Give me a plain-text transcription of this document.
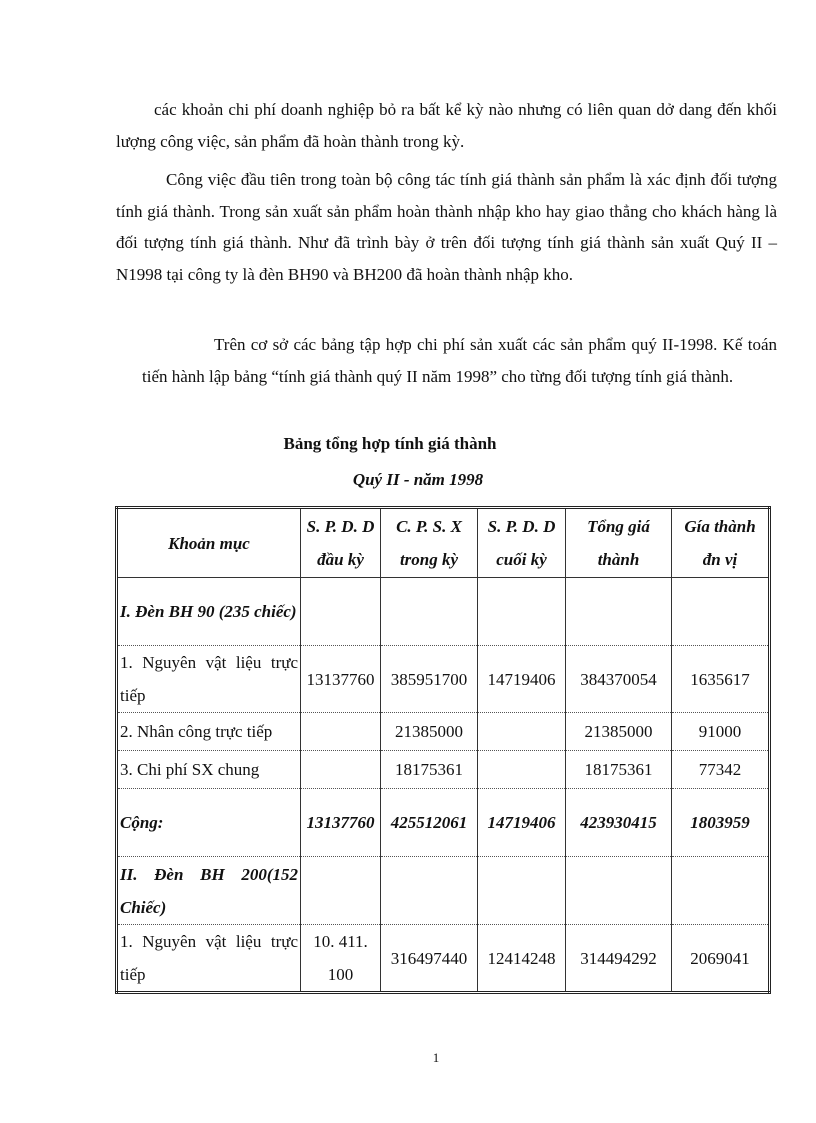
các khoản chi phí doanh nghiệp bỏ ra bất kể kỳ nào nhưng có liên quan dở dang đến khối lượng công việc, sản phẩm đã hoàn thành trong kỳ.

Công việc đầu tiên trong toàn bộ công tác tính giá thành sản phẩm là xác định đối tượng tính giá thành. Trong sản xuất sản phẩm hoàn thành nhập kho hay giao thẳng cho khách hàng là đối tượng tính giá thành. Như đã trình bày ở trên đối tượng tính giá thành sản xuất Quý II –N1998 tại công ty là đèn BH90 và BH200 đã hoàn thành nhập kho.

Trên cơ sở các bảng tập hợp chi phí sản xuất các sản phẩm quý II-1998. Kế toán tiến hành lập bảng “tính giá thành quý II năm 1998” cho từng đối tượng tính giá thành.

Bảng tổng hợp tính giá thành

Quý II - năm 1998

Khoản mục	S. P. D. D đầu kỳ	C. P. S. X trong kỳ	S. P. D. D cuối kỳ	Tổng giá thành	Gía thành đn vị
I. Đèn BH 90 (235 chiếc)					
1. Nguyên vật liệu trực tiếp	13137760	385951700	14719406	384370054	1635617
2. Nhân công trực tiếp		21385000		21385000	91000
3. Chi phí SX chung		18175361		18175361	77342
Cộng:	13137760	425512061	14719406	423930415	1803959
II. Đèn BH 200(152 Chiếc)					
1. Nguyên vật liệu trực tiếp	10. 411. 100	316497440	12414248	314494292	2069041

1
